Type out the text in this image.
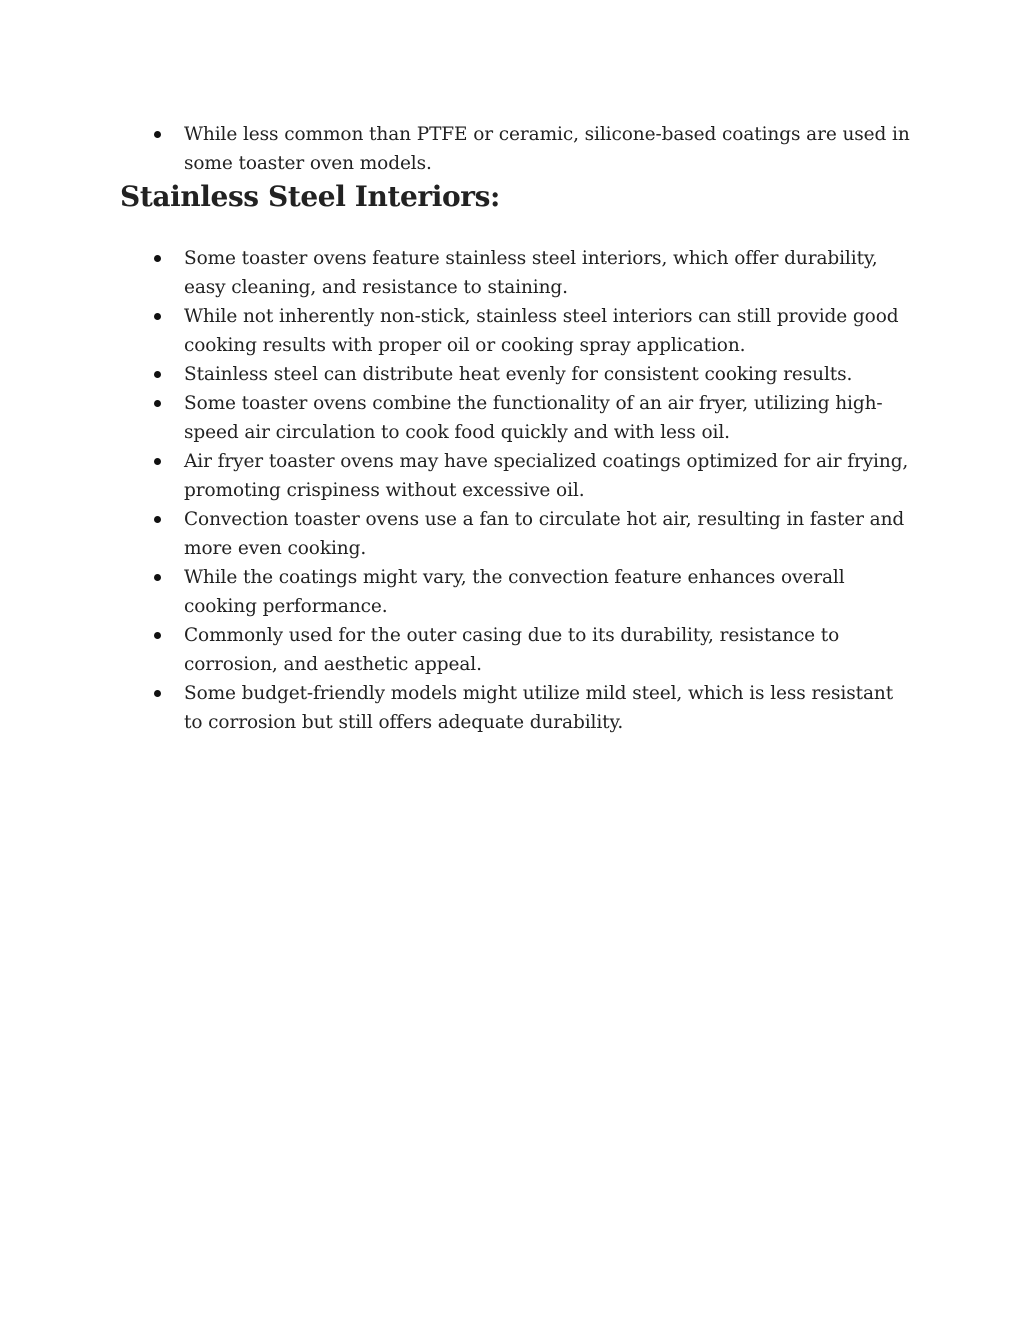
While less common than PTFE or ceramic, silicone-based coatings are used in some toaster oven models.
Stainless Steel Interiors:
Some toaster ovens feature stainless steel interiors, which offer durability, easy cleaning, and resistance to staining.
While not inherently non-stick, stainless steel interiors can still provide good cooking results with proper oil or cooking spray application.
Stainless steel can distribute heat evenly for consistent cooking results.
Some toaster ovens combine the functionality of an air fryer, utilizing high-speed air circulation to cook food quickly and with less oil.
Air fryer toaster ovens may have specialized coatings optimized for air frying, promoting crispiness without excessive oil.
Convection toaster ovens use a fan to circulate hot air, resulting in faster and more even cooking.
While the coatings might vary, the convection feature enhances overall cooking performance.
Commonly used for the outer casing due to its durability, resistance to corrosion, and aesthetic appeal.
Some budget-friendly models might utilize mild steel, which is less resistant to corrosion but still offers adequate durability.
